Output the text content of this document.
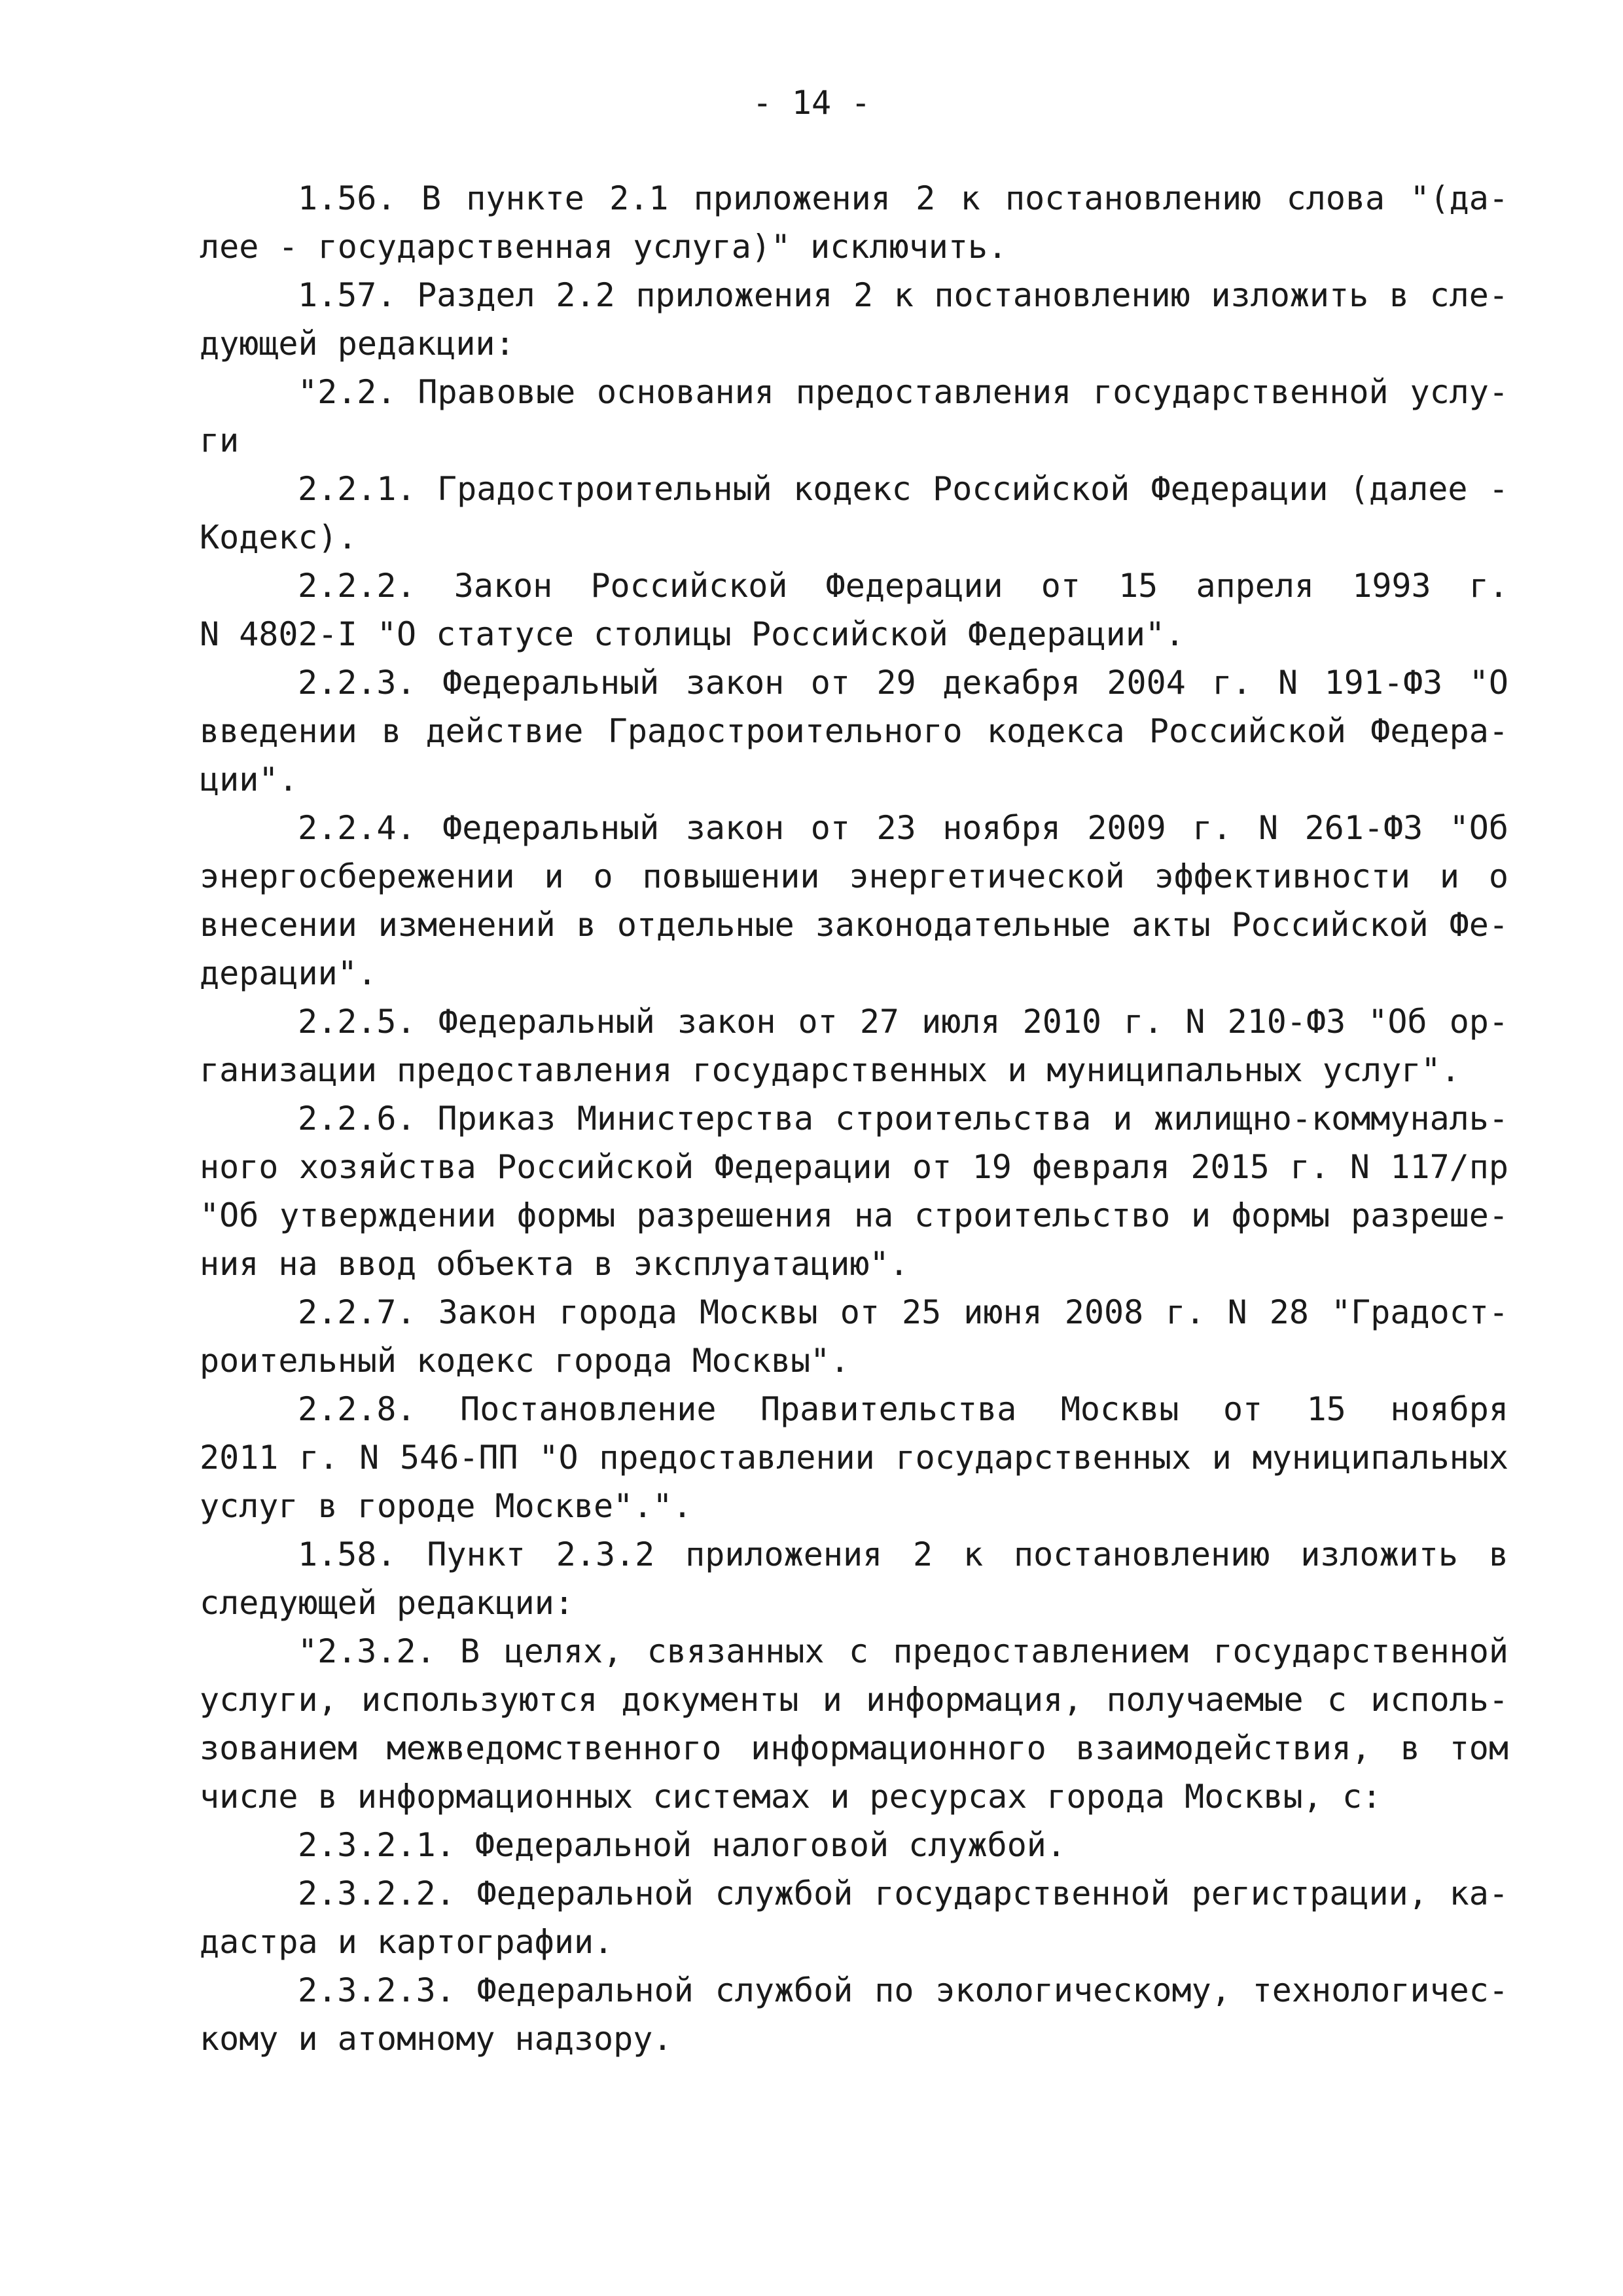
- 14 -
1.56. В пункте 2.1 приложения 2 к постановлению слова "(да-
лее - государственная услуга)" исключить.
1.57. Раздел 2.2 приложения 2 к постановлению изложить в сле-
дующей редакции:
"2.2. Правовые основания предоставления государственной услу-
ги
2.2.1. Градостроительный кодекс Российской Федерации (далее -
Кодекс).
2.2.2. Закон Российской Федерации от 15 апреля 1993 г.
N 4802-I "О статусе столицы Российской Федерации".
2.2.3. Федеральный закон от 29 декабря 2004 г. N 191-ФЗ "О
введении в действие Градостроительного кодекса Российской Федера-
ции".
2.2.4. Федеральный закон от 23 ноября 2009 г. N 261-ФЗ "Об
энергосбережении и о повышении энергетической эффективности и о
внесении изменений в отдельные законодательные акты Российской Фе-
дерации".
2.2.5. Федеральный закон от 27 июля 2010 г. N 210-ФЗ "Об ор-
ганизации предоставления государственных и муниципальных услуг".
2.2.6. Приказ Министерства строительства и жилищно-коммуналь-
ного хозяйства Российской Федерации от 19 февраля 2015 г. N 117/пр
"Об утверждении формы разрешения на строительство и формы разреше-
ния на ввод объекта в эксплуатацию".
2.2.7. Закон города Москвы от 25 июня 2008 г. N 28 "Градост-
роительный кодекс города Москвы".
2.2.8. Постановление Правительства Москвы от 15 ноября
2011 г. N 546-ПП "О предоставлении государственных и муниципальных
услуг в городе Москве".".
1.58. Пункт 2.3.2 приложения 2 к постановлению изложить в
следующей редакции:
"2.3.2. В целях, связанных с предоставлением государственной
услуги, используются документы и информация, получаемые с исполь-
зованием межведомственного информационного взаимодействия, в том
числе в информационных системах и ресурсах города Москвы, с:
2.3.2.1. Федеральной налоговой службой.
2.3.2.2. Федеральной службой государственной регистрации, ка-
дастра и картографии.
2.3.2.3. Федеральной службой по экологическому, технологичес-
кому и атомному надзору.
